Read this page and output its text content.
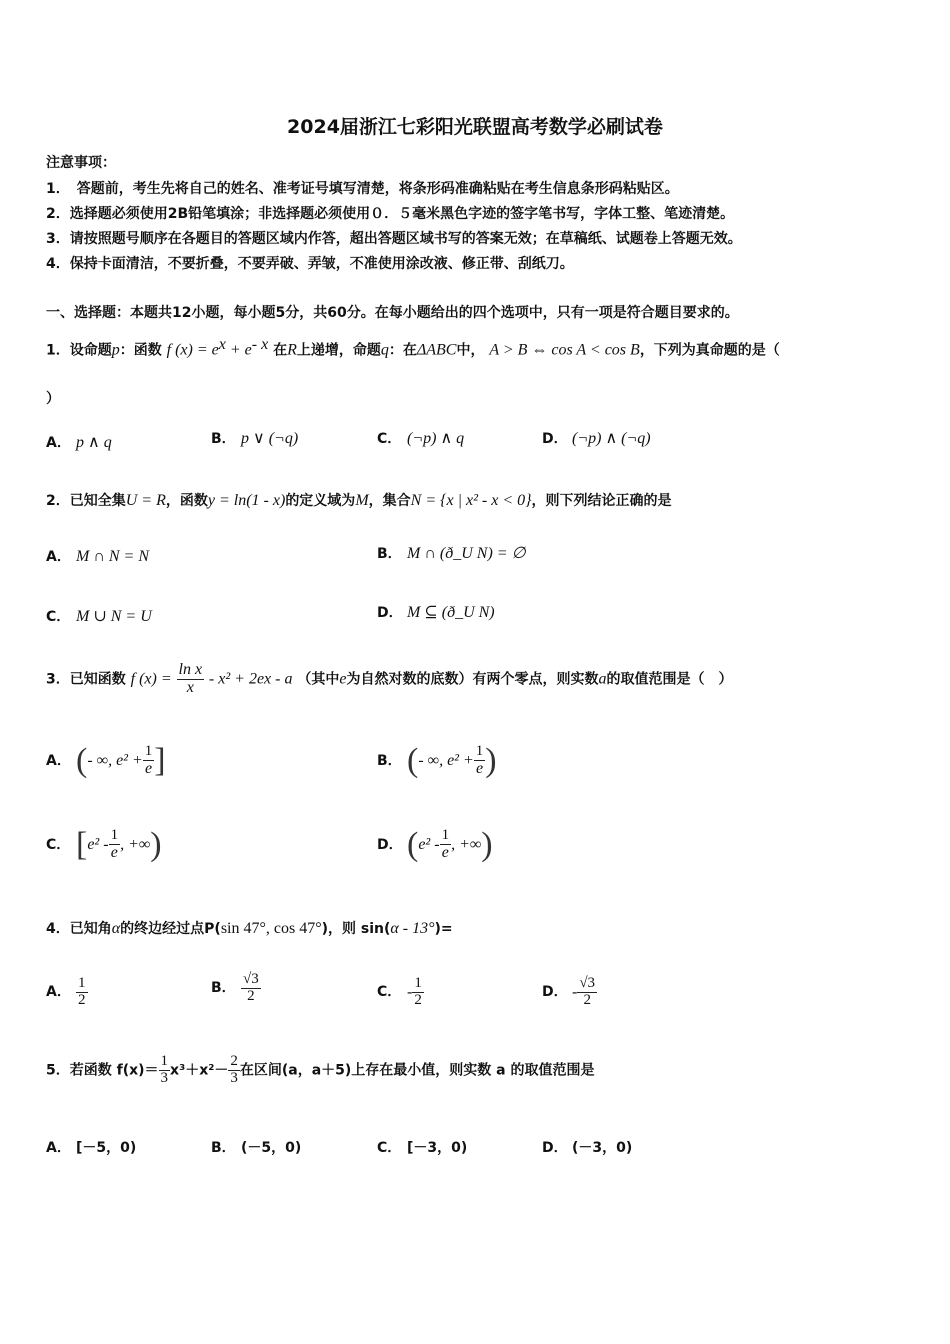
2024届浙江七彩阳光联盟高考数学必刷试卷
注意事项：
1．　答题前，考生先将自己的姓名、准考证号填写清楚，将条形码准确粘贴在考生信息条形码粘贴区。
2．选择题必须使用2B铅笔填涂；非选择题必须使用０．５毫米黑色字迹的签字笔书写，字体工整、笔迹清楚。
3．请按照题号顺序在各题目的答题区域内作答，超出答题区域书写的答案无效；在草稿纸、试题卷上答题无效。
4．保持卡面清洁，不要折叠，不要弄破、弄皱，不准使用涂改液、修正带、刮纸刀。
一、选择题：本题共12小题，每小题5分，共60分。在每小题给出的四个选项中，只有一项是符合题目要求的。
1．设命题p：函数 f $(x) = e^x + e^{- x}$ 在R上递增，命题q：在ΔABC中， A > B ⇔ cos A < cos B，下列为真命题的是（
）
A． p ∧ q	B． p ∨ (¬q)	C． (¬p) ∧ q	D． (¬p) ∧ (¬q)
2．已知全集U = R，函数y = ln(1 - x)的定义域为M，集合N = {x | x² - x < 0}，则下列结论正确的是
A． M ∩ N = N	B． M ∩ (ð_U N) = ∅
C． M ∪ N = U	D． M ⊆ (ð_U N)
3．已知函数 f $(x) = \frac{\text{ln x}}{x} - x^2 + 2ex - a$ （其中e为自然对数的底数）有两个零点，则实数a的取值范围是（　）
A． (- ∞, $e^2 + \frac{1}{e}$ ]	B． (- ∞, $e^2 + \frac{1}{e}$ )
C． [$e^2 - \frac{1}{e}$ , +∞)	D． ($e^2 - \frac{1}{e}$ , +∞)
4．已知角α的终边经过点P(sin 47°, cos 47°)，则 sin(α - 13°)=
A． $\frac{1}{2}$	B． $\frac{√3}{2}$	C． - $\frac{1}{2}$	D． - $\frac{√3}{2}$
5．若函数 $f(x)= \frac{1}{3} x^3+x^2- \frac{2}{3}$ 在区间(a，a＋5)上存在最小值，则实数 a 的取值范围是
A． [－5，0)	B． (－5，0)	C． [－3，0)	D． (－3，0)
